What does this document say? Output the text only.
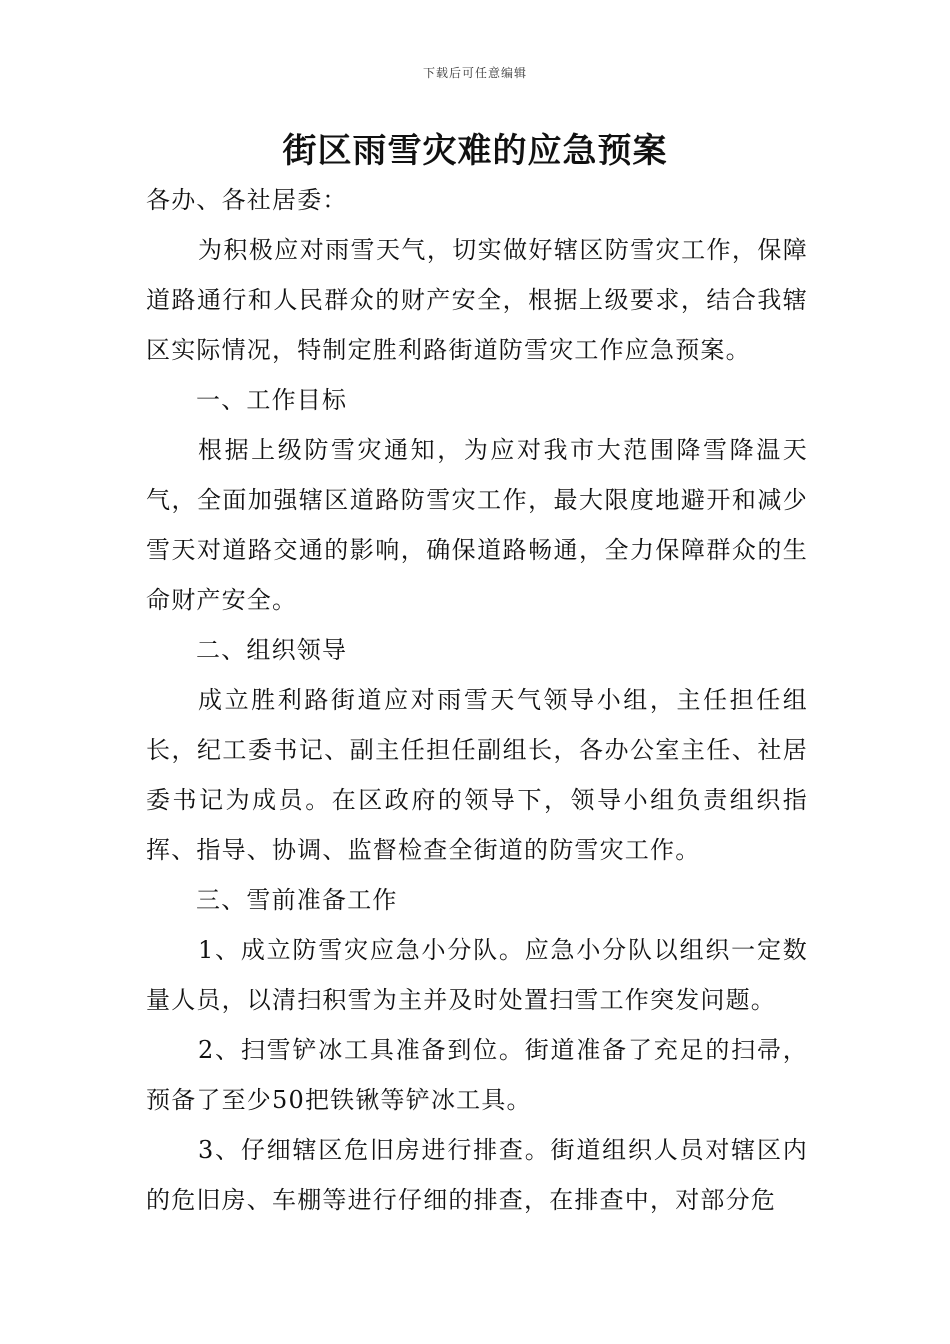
下载后可任意编辑
街区雨雪灾难的应急预案

各办、各社居委：

为积极应对雨雪天气，切实做好辖区防雪灾工作，保障道路通行和人民群众的财产安全，根据上级要求，结合我辖区实际情况，特制定胜利路街道防雪灾工作应急预案。

一、工作目标

根据上级防雪灾通知，为应对我市大范围降雪降温天气，全面加强辖区道路防雪灾工作，最大限度地避开和减少雪天对道路交通的影响，确保道路畅通，全力保障群众的生命财产安全。

二、组织领导

成立胜利路街道应对雨雪天气领导小组，主任担任组长，纪工委书记、副主任担任副组长，各办公室主任、社居委书记为成员。在区政府的领导下，领导小组负责组织指挥、指导、协调、监督检查全街道的防雪灾工作。

三、雪前准备工作

1、成立防雪灾应急小分队。应急小分队以组织一定数量人员，以清扫积雪为主并及时处置扫雪工作突发问题。

2、扫雪铲冰工具准备到位。街道准备了充足的扫帚，预备了至少50把铁锹等铲冰工具。

3、仔细辖区危旧房进行排查。街道组织人员对辖区内的危旧房、车棚等进行仔细的排查，在排查中，对部分危
